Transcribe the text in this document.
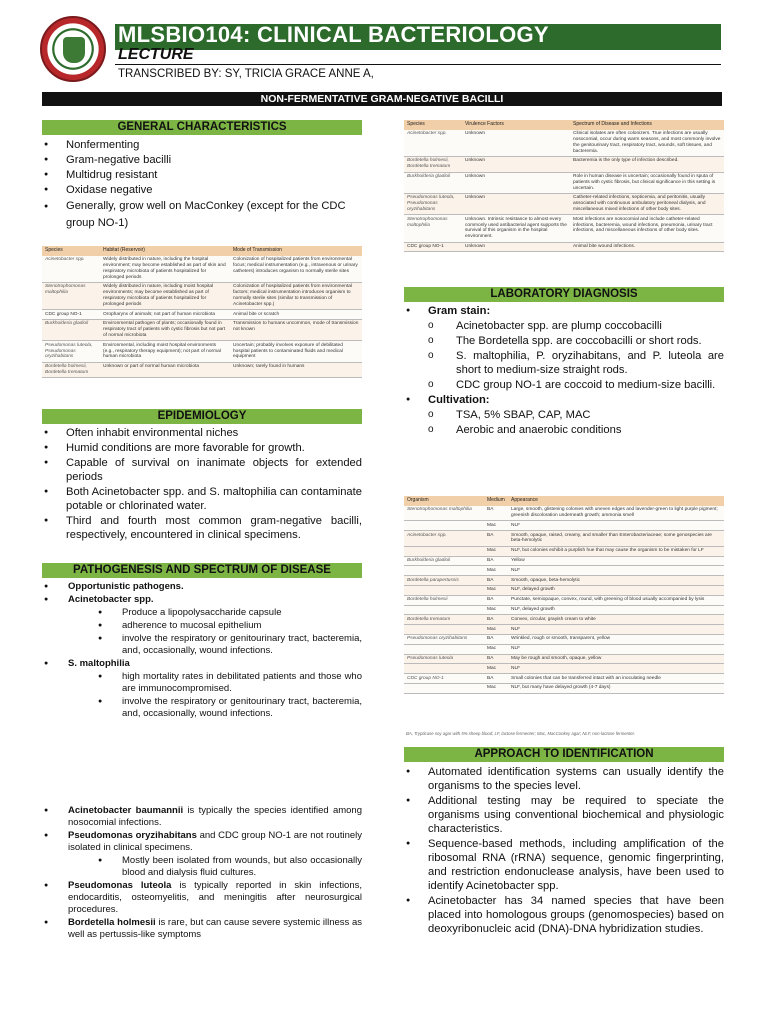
MLSBIO104: CLINICAL BACTERIOLOGY
LECTURE
TRANSCRIBED BY: SY, TRICIA GRACE ANNE A,
NON-FERMENTATIVE GRAM-NEGATIVE BACILLI
GENERAL CHARACTERISTICS
● Nonfermenting
● Gram-negative bacilli
● Multidrug resistant
● Oxidase negative
● Generally, grow well on MacConkey (except for the CDC group NO-1)
Species	Habitat (Reservoir)	Mode of Transmission
Acinetobacter spp.	Widely distributed in nature, including the hospital environment; may become established as part of skin and respiratory microbiota of patients hospitalized for prolonged periods	Colonization of hospitalized patients from environmental focus; medical instrumentation (e.g., intravenous or urinary catheters) introduces organism to normally sterile sites
Stenotrophomonas maltophilia	Widely distributed in nature, including moist hospital environments; may become established as part of respiratory microbiota of patients hospitalized for prolonged periods	Colonization of hospitalized patients from environmental factors; medical instrumentation introduces organism to normally sterile sites (similar to transmission of Acinetobacter spp.)
CDC group NO-1	Oropharynx of animals; not part of human microbiota	Animal bite or scratch
Burkholderia gladioli	Environmental pathogen of plants; occasionally found in respiratory tract of patients with cystic fibrosis but not part of normal microbiota	Transmission to humans uncommon, mode of transmission not known
Pseudomonas luteola, Pseudomonas oryzihabitans	Environmental, including moist hospital environments (e.g., respiratory therapy equipment); not part of normal human microbiota	Uncertain; probably involves exposure of debilitated hospital patients to contaminated fluids and medical equipment
Bordetella holmesii, Bordetella trematum	Unknown or part of normal human microbiota	Unknown; rarely found in humans
EPIDEMIOLOGY
● Often inhabit environmental niches
● Humid conditions are more favorable for growth.
● Capable of survival on inanimate objects for extended periods
● Both Acinetobacter spp. and S. maltophilia can contaminate potable or chlorinated water.
● Third and fourth most common gram-negative bacilli, respectively, encountered in clinical specimens.
PATHOGENESIS AND SPECTRUM OF DISEASE
● Opportunistic pathogens.
● Acinetobacter spp.
● Produce a lipopolysaccharide capsule
● adherence to mucosal epithelium
● involve the respiratory or genitourinary tract, bacteremia, and, occasionally, wound infections.
● S. maltophilia
● high mortality rates in debilitated patients and those who are immunocompromised.
● involve the respiratory or genitourinary tract, bacteremia, and, occasionally, wound infections.
● Acinetobacter baumannii is typically the species identified among nosocomial infections.
● Pseudomonas oryzihabitans and CDC group NO-1 are not routinely isolated in clinical specimens.
● Mostly been isolated from wounds, but also occasionally blood and dialysis fluid cultures.
● Pseudomonas luteola is typically reported in skin infections, endocarditis, osteomyelitis, and meningitis after neurosurgical procedures.
● Bordetella holmesii is rare, but can cause severe systemic illness as well as pertussis-like symptoms
Species	Virulence Factors	Spectrum of Disease and Infections
Acinetobacter spp.	Unknown	Clinical isolates are often colonizers. True infections are usually nosocomial, occur during warm seasons, and most commonly involve the genitourinary tract, respiratory tract, wounds, soft tissues, and bacteremia.
Bordetella holmesii, Bordetella trematum	Unknown	Bacteremia is the only type of infection described.
Burkholderia gladioli	Unknown	Role in human disease is uncertain; occasionally found in sputa of patients with cystic fibrosis, but clinical significance in this setting is uncertain.
Pseudomonas luteola, Pseudomonas oryzihabitans	Unknown	Catheter-related infections, septicemia, and peritonitis, usually associated with continuous ambulatory peritoneal dialysis, and miscellaneous mixed infections of other body sites.
Stenotrophomonas maltophilia	Unknown. Intrinsic resistance to almost every commonly used antibacterial agent supports the survival of this organism in the hospital environment.	Most infections are nosocomial and include catheter-related infections, bacteremia, wound infections, pneumonia, urinary tract infections, and miscellaneous infections of other body sites.
CDC group NO-1	Unknown	Animal bite wound infections.
LABORATORY DIAGNOSIS
● Gram stain:
o Acinetobacter spp. are plump coccobacilli
o The Bordetella spp. are coccobacilli or short rods.
o S. maltophilia, P. oryzihabitans, and P. luteola are short to medium-size straight rods.
o CDC group NO-1 are coccoid to medium-size bacilli.
● Cultivation:
o TSA, 5% SBAP, CAP, MAC
o Aerobic and anaerobic conditions
Organism	Medium	Appearance
Stenotrophomonas maltophilia	BA	Large, smooth, glistening colonies with uneven edges and lavender-green to light purple pigment; greenish discoloration underneath growth; ammonia smell
	Mac	NLF
Acinetobacter spp.	BA	Smooth, opaque, raised, creamy, and smaller than Enterobacteriaceae; some genospecies are beta-hemolytic
	Mac	NLF, but colonies exhibit a purplish hue that may cause the organism to be mistaken for LF
Burkholderia gladioli	BA	Yellow
	Mac	NLF
Bordetella parapertussis	BA	Smooth, opaque, beta-hemolytic
	Mac	NLF, delayed growth
Bordetella holmesii	BA	Punctate, semiopaque, convex, round, with greening of blood usually accompanied by lysis
	Mac	NLF, delayed growth
Bordetella trematum	BA	Convex, circular, grayish cream to white
	Mac	NLF
Pseudomonas oryzihabitans	BA	Wrinkled, rough or smooth, transparent, yellow
	Mac	NLF
Pseudomonas luteola	BA	May be rough and smooth, opaque, yellow
	Mac	NLF
CDC group NO-1	BA	Small colonies that can be transferred intact with an inoculating needle
	Mac	NLF, but many have delayed growth (4-7 days)
BA, Trypticase soy agar with 5% sheep blood; LF, lactose fermenter; Mac, MacConkey agar; NLF, non-lactose fermenter.
APPROACH TO IDENTIFICATION
● Automated identification systems can usually identify the organisms to the species level.
● Additional testing may be required to speciate the organisms using conventional biochemical and physiologic characteristics.
● Sequence-based methods, including amplification of the ribosomal RNA (rRNA) sequence, genomic fingerprinting, and restriction endonuclease analysis, have been used to identify Acinetobacter spp.
● Acinetobacter has 34 named species that have been placed into homologous groups (genomospecies) based on deoxyribonucleic acid (DNA)-DNA hybridization studies.
